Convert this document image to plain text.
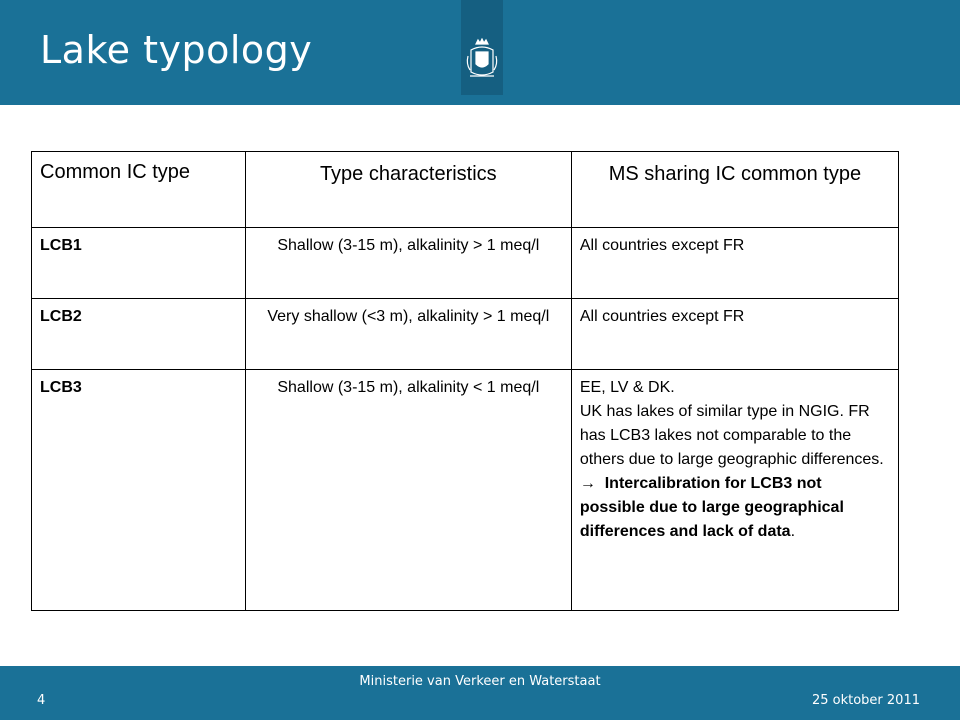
Lake typology
Common IC type	Type characteristics	MS sharing IC common type
LCB1	Shallow (3-15 m), alkalinity > 1 meq/l	All countries except FR
LCB2	Very shallow (<3 m), alkalinity > 1 meq/l	All countries except FR
LCB3	Shallow (3-15 m), alkalinity < 1 meq/l	EE, LV & DK.
UK has lakes of similar type in NGIG. FR has LCB3 lakes not comparable to the others due to large geographic differences.
→ Intercalibration for LCB3 not possible due to large geographical differences and lack of data.
Ministerie van Verkeer en Waterstaat
4	25 oktober 2011
